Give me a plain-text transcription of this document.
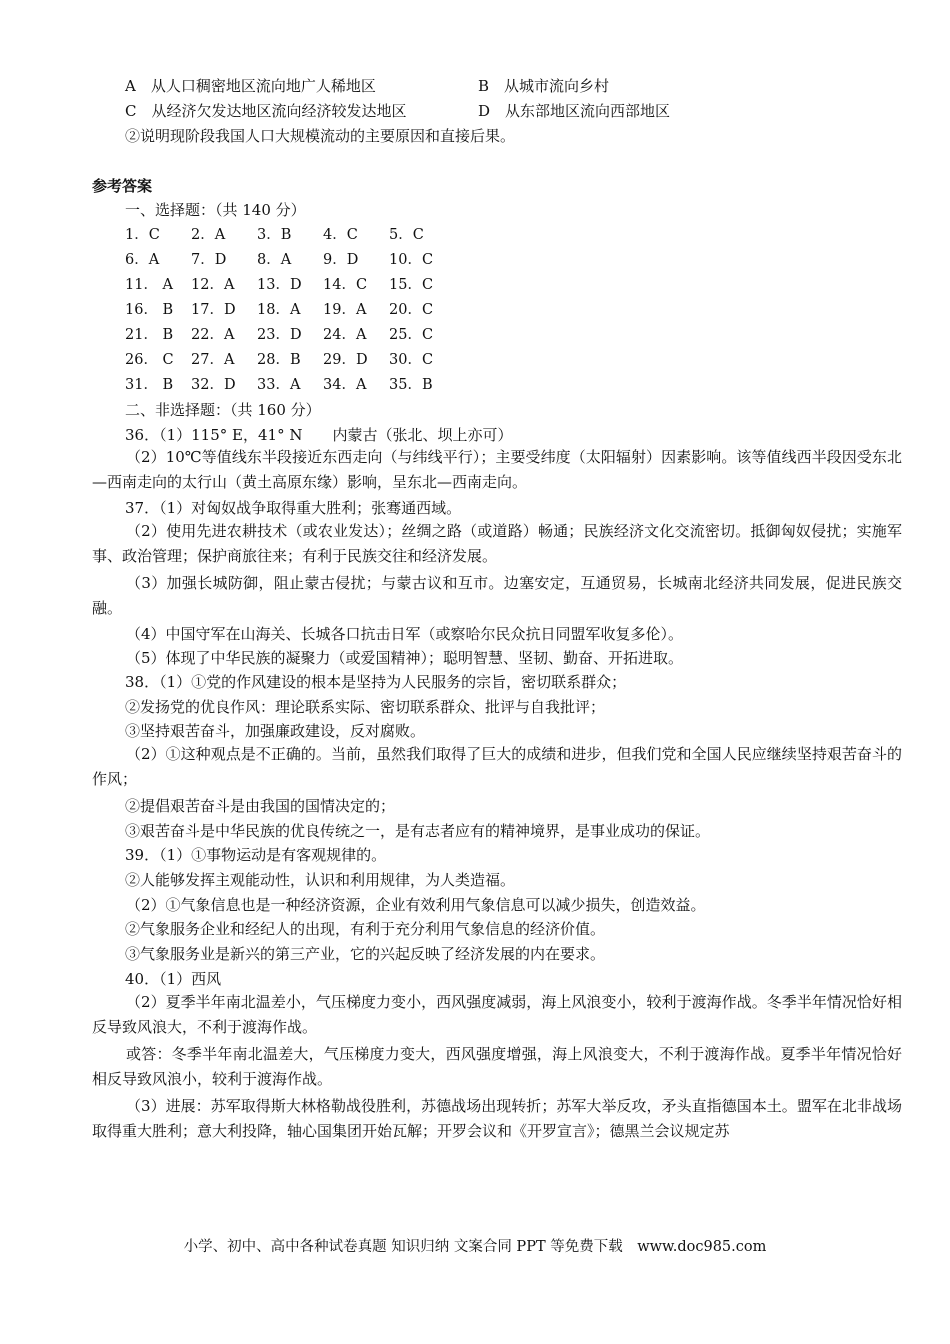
A　从人口稠密地区流向地广人稀地区	B　从城市流向乡村
C　从经济欠发达地区流向经济较发达地区	D　从东部地区流向西部地区
②说明现阶段我国人口大规模流动的主要原因和直接后果。
参考答案
一、选择题：（共 140 分）
1．C 2．A 3．B 4．C 5．C
6．A 7．D 8．A 9．D 10．C
11． A 12．A 13．D 14．C 15．C
16． B 17．D 18．A 19．A 20．C
21． B 22．A 23．D 24．A 25．C
26． C 27．A 28．B 29．D 30．C
31． B 32．D 33．A 34．A 35．B
二、非选择题：（共 160 分）
36．（1）115° E，41° N　　内蒙古（张北、坝上亦可）
（2）10℃等值线东半段接近东西走向（与纬线平行）；主要受纬度（太阳辐射）因素影响。该等值线西半段因受东北—西南走向的太行山（黄土高原东缘）影响，呈东北—西南走向。
37．（1）对匈奴战争取得重大胜利；张骞通西域。
（2）使用先进农耕技术（或农业发达）；丝绸之路（或道路）畅通；民族经济文化交流密切。抵御匈奴侵扰；实施军事、政治管理；保护商旅往来；有利于民族交往和经济发展。
（3）加强长城防御，阻止蒙古侵扰；与蒙古议和互市。边塞安定，互通贸易，长城南北经济共同发展，促进民族交融。
（4）中国守军在山海关、长城各口抗击日军（或察哈尔民众抗日同盟军收复多伦）。
（5）体现了中华民族的凝聚力（或爱国精神）；聪明智慧、坚韧、勤奋、开拓进取。
38．（1）①党的作风建设的根本是坚持为人民服务的宗旨，密切联系群众；
②发扬党的优良作风：理论联系实际、密切联系群众、批评与自我批评；
③坚持艰苦奋斗，加强廉政建设，反对腐败。
（2）①这种观点是不正确的。当前，虽然我们取得了巨大的成绩和进步，但我们党和全国人民应继续坚持艰苦奋斗的作风；
②提倡艰苦奋斗是由我国的国情决定的；
③艰苦奋斗是中华民族的优良传统之一，是有志者应有的精神境界，是事业成功的保证。
39．（1）①事物运动是有客观规律的。
②人能够发挥主观能动性，认识和利用规律，为人类造福。
（2）①气象信息也是一种经济资源，企业有效利用气象信息可以减少损失，创造效益。
②气象服务企业和经纪人的出现，有利于充分利用气象信息的经济价值。
③气象服务业是新兴的第三产业，它的兴起反映了经济发展的内在要求。
40．（1）西风
（2）夏季半年南北温差小，气压梯度力变小，西风强度减弱，海上风浪变小，较利于渡海作战。冬季半年情况恰好相反导致风浪大，不利于渡海作战。
或答：冬季半年南北温差大，气压梯度力变大，西风强度增强，海上风浪变大，不利于渡海作战。夏季半年情况恰好相反导致风浪小，较利于渡海作战。
（3）进展：苏军取得斯大林格勒战役胜利，苏德战场出现转折；苏军大举反攻，矛头直指德国本土。盟军在北非战场取得重大胜利；意大利投降，轴心国集团开始瓦解；开罗会议和《开罗宣言》；德黑兰会议规定苏
小学、初中、高中各种试卷真题 知识归纳 文案合同 PPT 等免费下载　www.doc985.com
